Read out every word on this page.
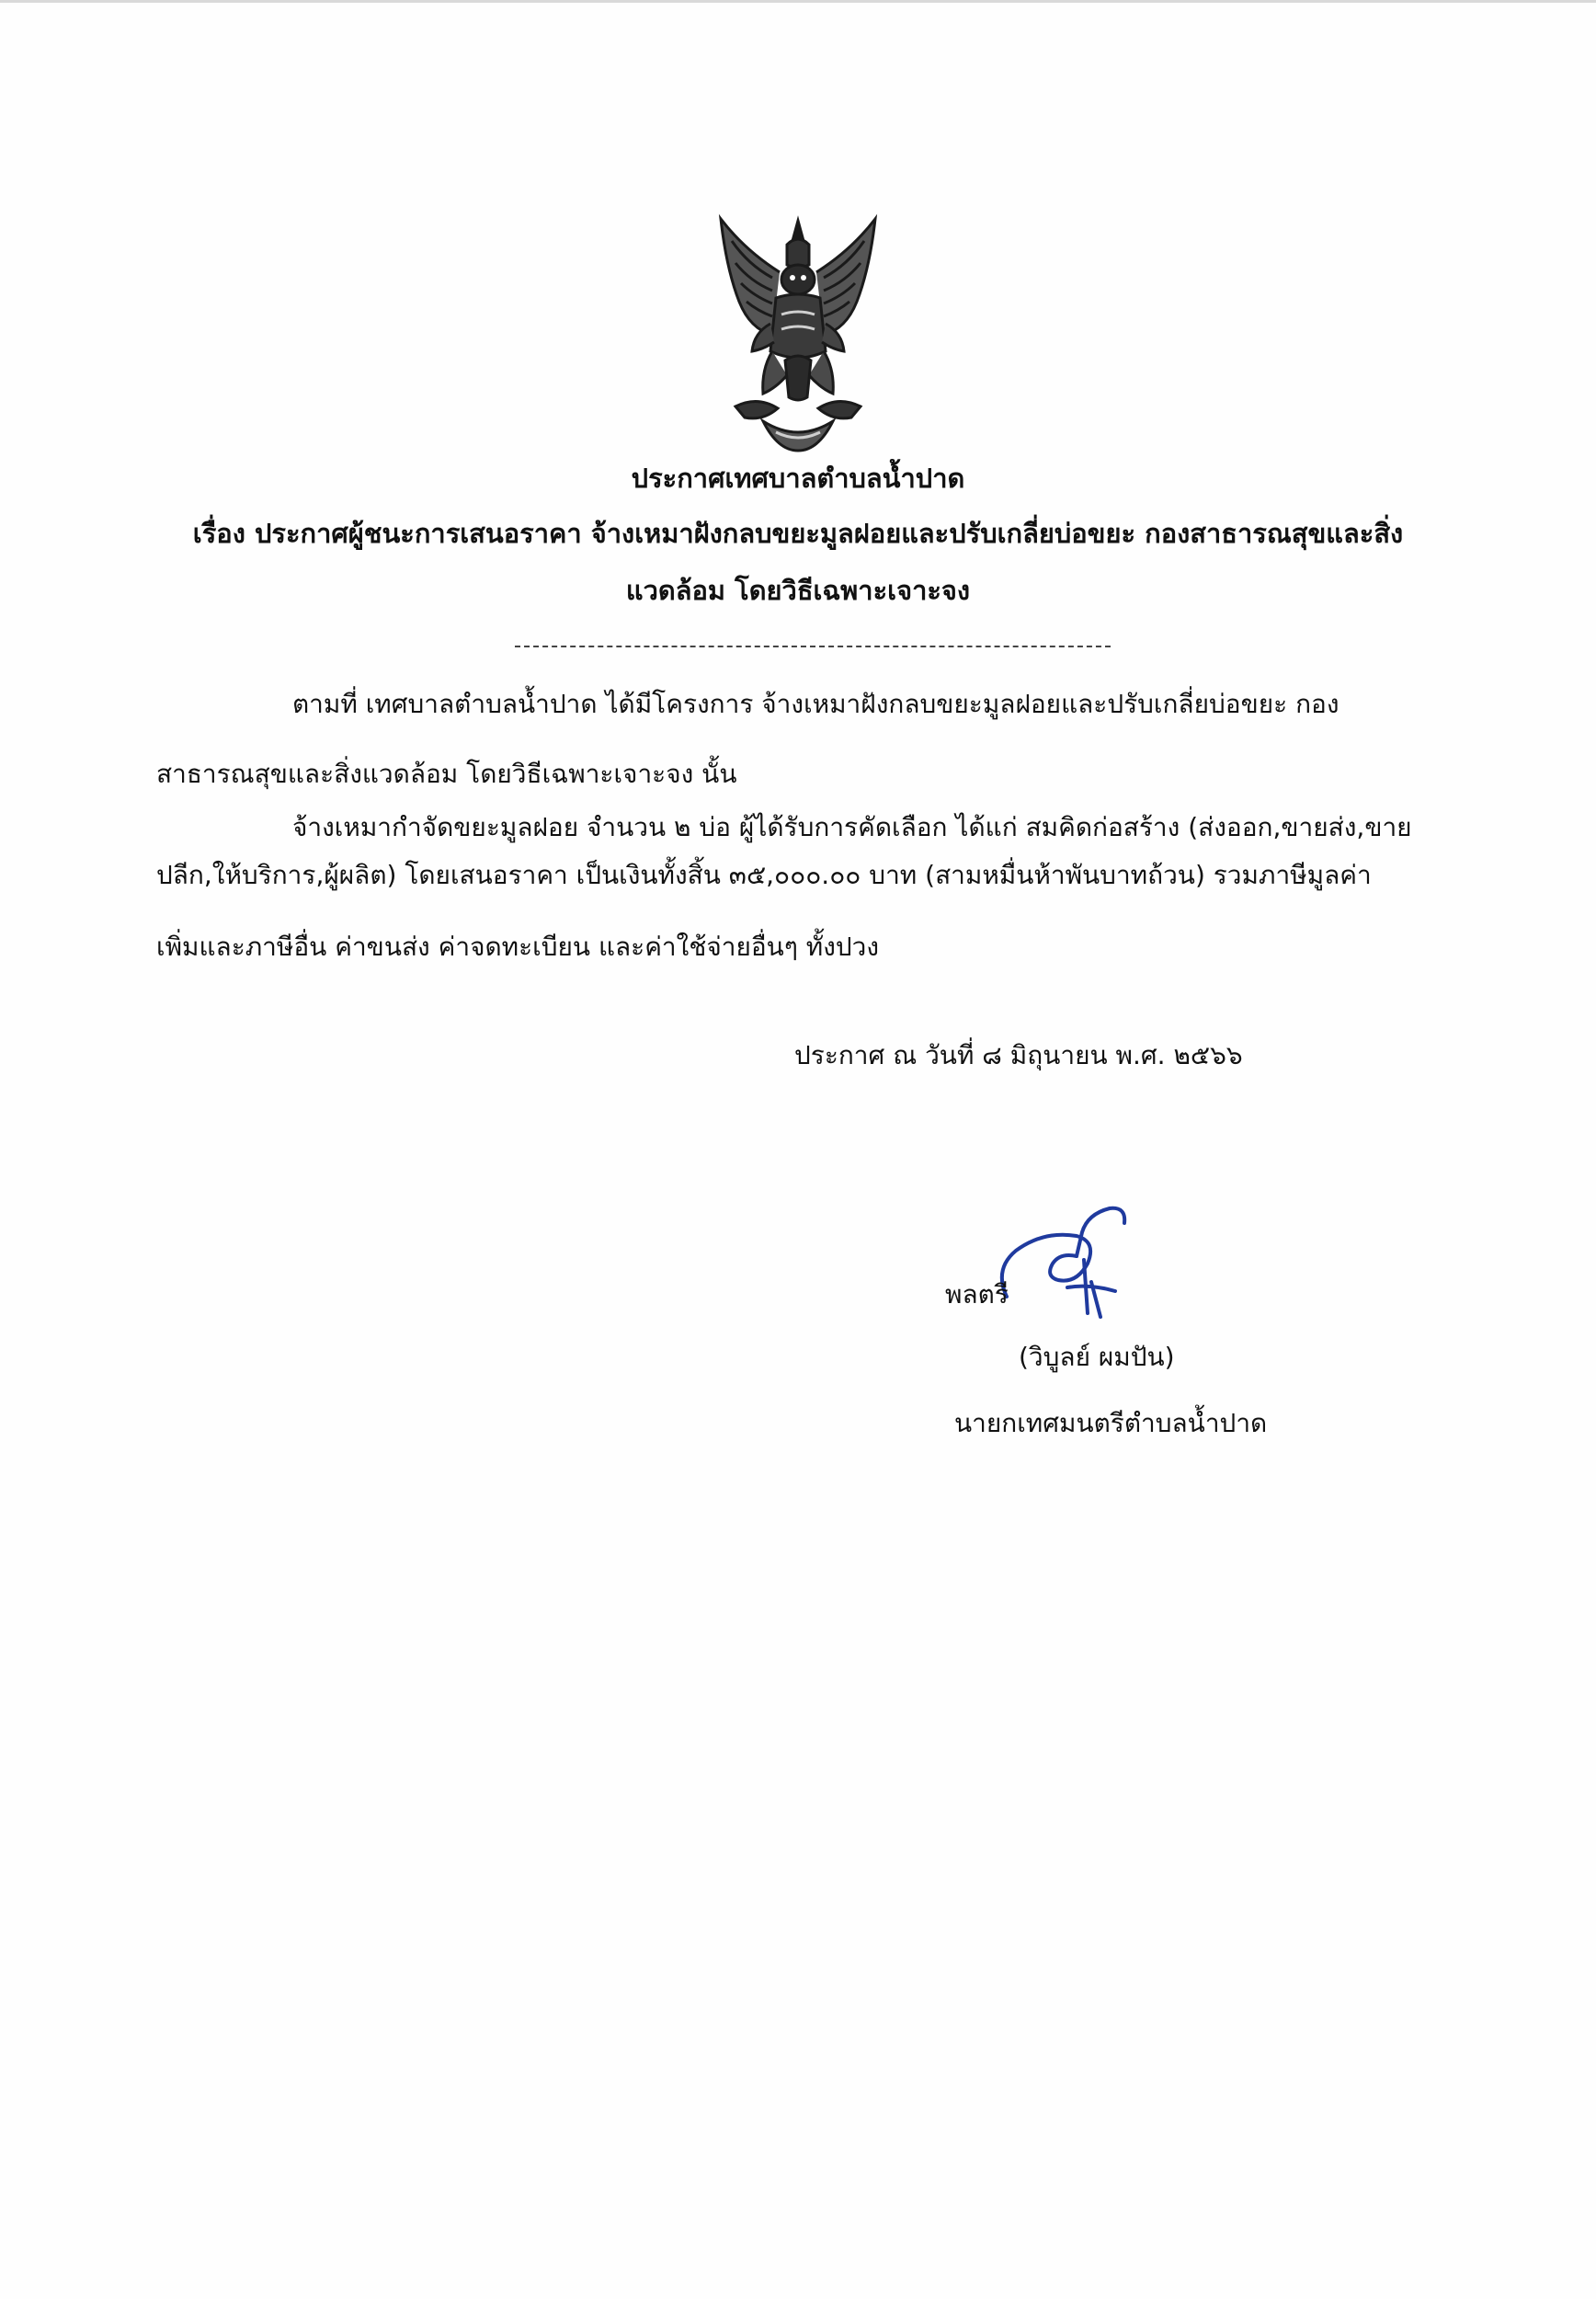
ประกาศเทศบาลตำบลน้ำปาด
เรื่อง ประกาศผู้ชนะการเสนอราคา จ้างเหมาฝังกลบขยะมูลฝอยและปรับเกลี่ยบ่อขยะ กองสาธารณสุขและสิ่ง
แวดล้อม โดยวิธีเฉพาะเจาะจง
ตามที่ เทศบาลตำบลน้ำปาด ได้มีโครงการ จ้างเหมาฝังกลบขยะมูลฝอยและปรับเกลี่ยบ่อขยะ กอง
สาธารณสุขและสิ่งแวดล้อม โดยวิธีเฉพาะเจาะจง นั้น
จ้างเหมากำจัดขยะมูลฝอย จำนวน ๒ บ่อ ผู้ได้รับการคัดเลือก ได้แก่ สมคิดก่อสร้าง (ส่งออก,ขายส่ง,ขาย
ปลีก,ให้บริการ,ผู้ผลิต) โดยเสนอราคา เป็นเงินทั้งสิ้น ๓๕,๐๐๐.๐๐ บาท (สามหมื่นห้าพันบาทถ้วน) รวมภาษีมูลค่า
เพิ่มและภาษีอื่น ค่าขนส่ง ค่าจดทะเบียน และค่าใช้จ่ายอื่นๆ ทั้งปวง
ประกาศ ณ วันที่ ๘ มิถุนายน พ.ศ. ๒๕๖๖
พลตรี
(วิบูลย์ ผมปัน)
นายกเทศมนตรีตำบลน้ำปาด
